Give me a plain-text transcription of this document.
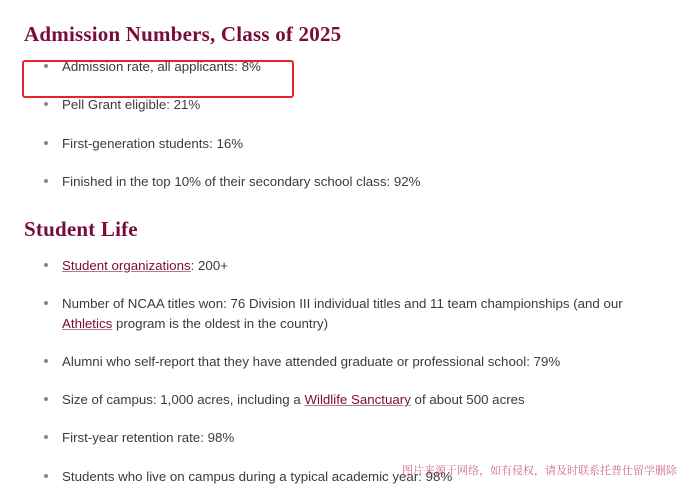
Admission Numbers, Class of 2025
Admission rate, all applicants: 8%
Pell Grant eligible: 21%
First-generation students: 16%
Finished in the top 10% of their secondary school class: 92%
Student Life
Student organizations: 200+
Number of NCAA titles won: 76 Division III individual titles and 11 team championships (and our Athletics program is the oldest in the country)
Alumni who self-report that they have attended graduate or professional school: 79%
Size of campus: 1,000 acres, including a Wildlife Sanctuary of about 500 acres
First-year retention rate: 98%
Students who live on campus during a typical academic year: 98%
图片来源于网络，如有侵权，请及时联系托普仕留学删除
